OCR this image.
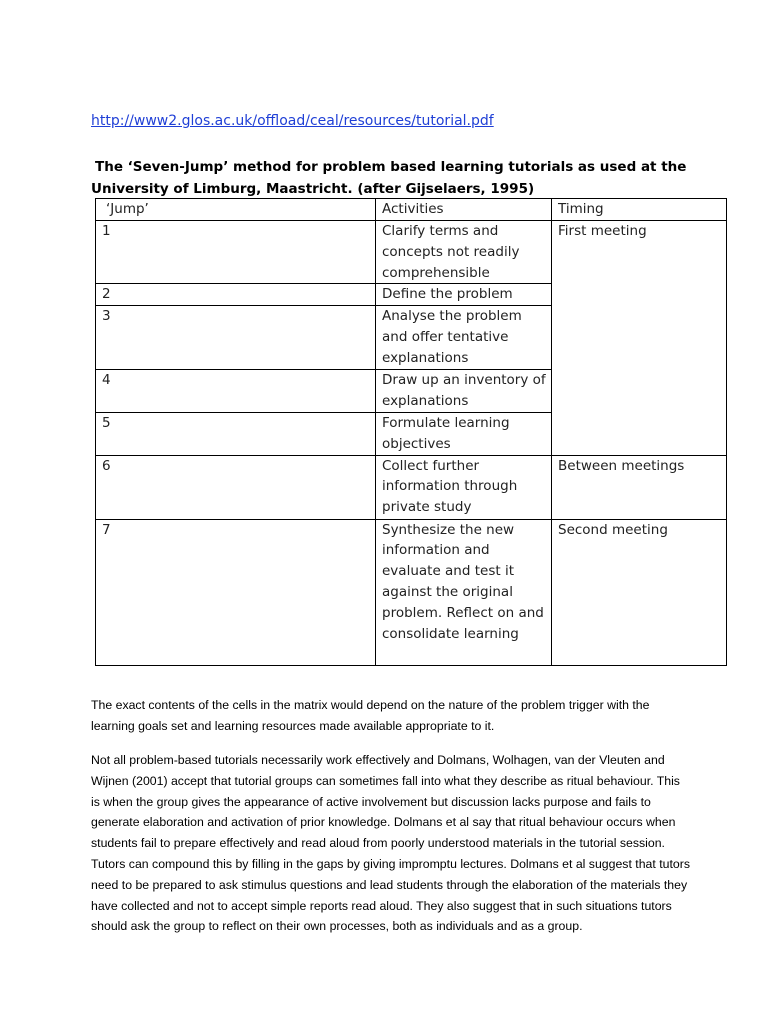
http://www2.glos.ac.uk/offload/ceal/resources/tutorial.pdf

The ‘Seven-Jump’ method for problem based learning tutorials as used at the
University of Limburg, Maastricht. (after Gijselaers, 1995)

‘Jump’	Activities	Timing
1	Clarify terms and concepts not readily comprehensible	First meeting
2	Define the problem	
3	Analyse the problem and offer tentative explanations	
4	Draw up an inventory of explanations	
5	Formulate learning objectives	
6	Collect further information through private study	Between meetings
7	Synthesize the new information and evaluate and test it against the original problem. Reflect on and consolidate learning	Second meeting

The exact contents of the cells in the matrix would depend on the nature of the problem trigger with the learning goals set and learning resources made available appropriate to it.

Not all problem-based tutorials necessarily work effectively and Dolmans, Wolhagen, van der Vleuten and Wijnen (2001) accept that tutorial groups can sometimes fall into what they describe as ritual behaviour. This is when the group gives the appearance of active involvement but discussion lacks purpose and fails to generate elaboration and activation of prior knowledge. Dolmans et al say that ritual behaviour occurs when students fail to prepare effectively and read aloud from poorly understood materials in the tutorial session. Tutors can compound this by filling in the gaps by giving impromptu lectures. Dolmans et al suggest that tutors need to be prepared to ask stimulus questions and lead students through the elaboration of the materials they have collected and not to accept simple reports read aloud. They also suggest that in such situations tutors should ask the group to reflect on their own processes, both as individuals and as a group.
